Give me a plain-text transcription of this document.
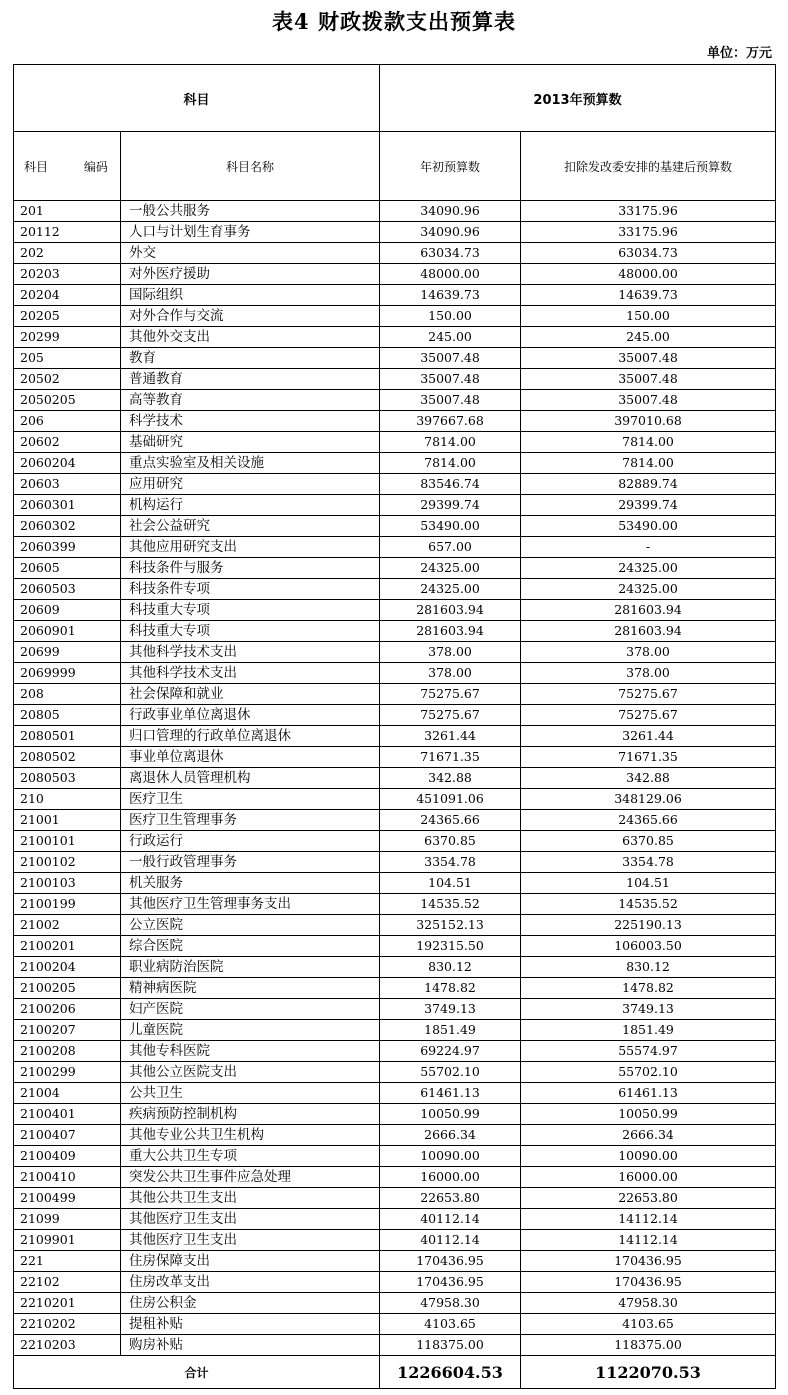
表4 财政拨款支出预算表
单位：万元
科目		2013年预算数	
科目 编码	科目名称	年初预算数	扣除发改委安排的基建后预算数
201	一般公共服务	34090.96	33175.96
20112	人口与计划生育事务	34090.96	33175.96
202	外交	63034.73	63034.73
20203	对外医疗援助	48000.00	48000.00
20204	国际组织	14639.73	14639.73
20205	对外合作与交流	150.00	150.00
20299	其他外交支出	245.00	245.00
205	教育	35007.48	35007.48
20502	普通教育	35007.48	35007.48
2050205	高等教育	35007.48	35007.48
206	科学技术	397667.68	397010.68
20602	基础研究	7814.00	7814.00
2060204	重点实验室及相关设施	7814.00	7814.00
20603	应用研究	83546.74	82889.74
2060301	机构运行	29399.74	29399.74
2060302	社会公益研究	53490.00	53490.00
2060399	其他应用研究支出	657.00	-
20605	科技条件与服务	24325.00	24325.00
2060503	科技条件专项	24325.00	24325.00
20609	科技重大专项	281603.94	281603.94
2060901	科技重大专项	281603.94	281603.94
20699	其他科学技术支出	378.00	378.00
2069999	其他科学技术支出	378.00	378.00
208	社会保障和就业	75275.67	75275.67
20805	行政事业单位离退休	75275.67	75275.67
2080501	归口管理的行政单位离退休	3261.44	3261.44
2080502	事业单位离退休	71671.35	71671.35
2080503	离退休人员管理机构	342.88	342.88
210	医疗卫生	451091.06	348129.06
21001	医疗卫生管理事务	24365.66	24365.66
2100101	行政运行	6370.85	6370.85
2100102	一般行政管理事务	3354.78	3354.78
2100103	机关服务	104.51	104.51
2100199	其他医疗卫生管理事务支出	14535.52	14535.52
21002	公立医院	325152.13	225190.13
2100201	综合医院	192315.50	106003.50
2100204	职业病防治医院	830.12	830.12
2100205	精神病医院	1478.82	1478.82
2100206	妇产医院	3749.13	3749.13
2100207	儿童医院	1851.49	1851.49
2100208	其他专科医院	69224.97	55574.97
2100299	其他公立医院支出	55702.10	55702.10
21004	公共卫生	61461.13	61461.13
2100401	疾病预防控制机构	10050.99	10050.99
2100407	其他专业公共卫生机构	2666.34	2666.34
2100409	重大公共卫生专项	10090.00	10090.00
2100410	突发公共卫生事件应急处理	16000.00	16000.00
2100499	其他公共卫生支出	22653.80	22653.80
21099	其他医疗卫生支出	40112.14	14112.14
2109901	其他医疗卫生支出	40112.14	14112.14
221	住房保障支出	170436.95	170436.95
22102	住房改革支出	170436.95	170436.95
2210201	住房公积金	47958.30	47958.30
2210202	提租补贴	4103.65	4103.65
2210203	购房补贴	118375.00	118375.00
合计		1226604.53	1122070.53
